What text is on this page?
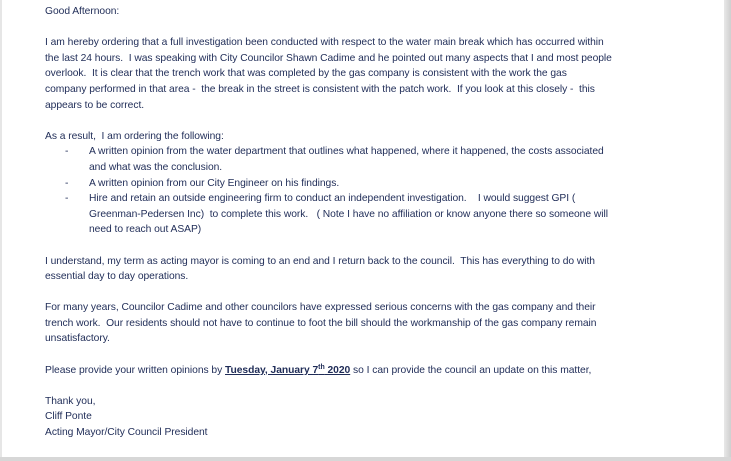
Good Afternoon:
I am hereby ordering that a full investigation been conducted with respect to the water main break which has occurred within
the last 24 hours.  I was speaking with City Councilor Shawn Cadime and he pointed out many aspects that I and most people
overlook.  It is clear that the trench work that was completed by the gas company is consistent with the work the gas
company performed in that area -  the break in the street is consistent with the patch work.  If you look at this closely -  this
appears to be correct.
As a result,  I am ordering the following:
- A written opinion from the water department that outlines what happened, where it happened, the costs associated
and what was the conclusion.
- A written opinion from our City Engineer on his findings.
- Hire and retain an outside engineering firm to conduct an independent investigation.    I would suggest GPI (
Greenman-Pedersen Inc)  to complete this work.   ( Note I have no affiliation or know anyone there so someone will
need to reach out ASAP)
I understand, my term as acting mayor is coming to an end and I return back to the council.  This has everything to do with
essential day to day operations.
For many years, Councilor Cadime and other councilors have expressed serious concerns with the gas company and their
trench work.  Our residents should not have to continue to foot the bill should the workmanship of the gas company remain
unsatisfactory.
Please provide your written opinions by Tuesday, January 7th 2020 so I can provide the council an update on this matter,
Thank you,
Cliff Ponte
Acting Mayor/City Council President
